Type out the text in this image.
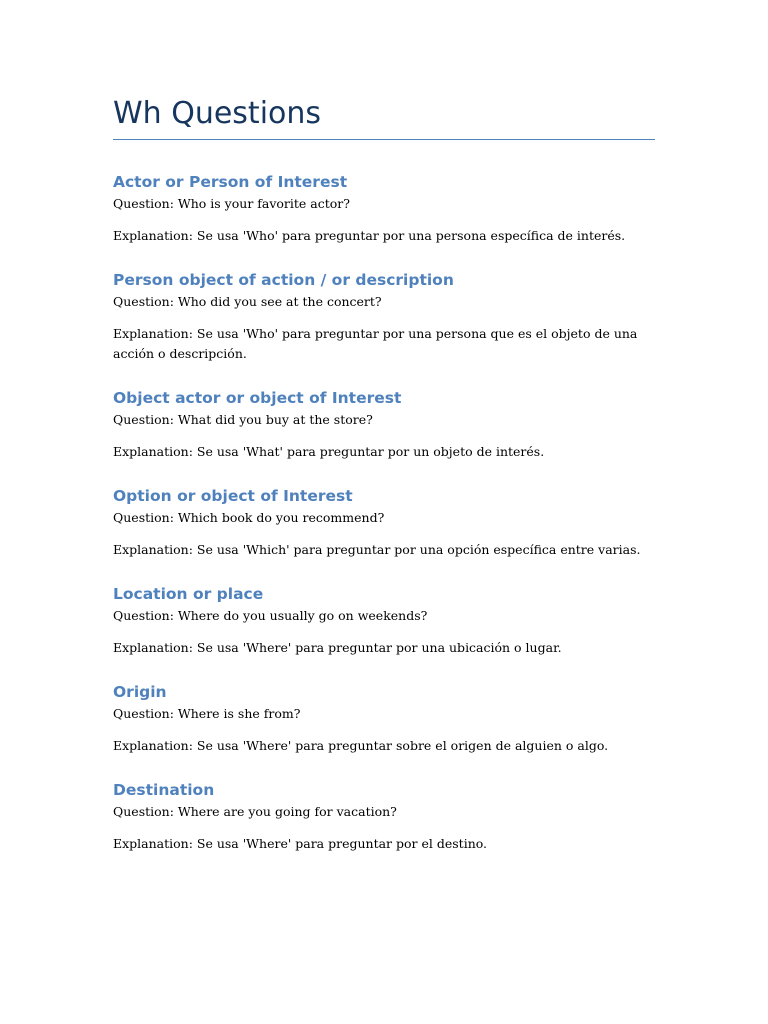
Wh Questions
Actor or Person of Interest

Question: Who is your favorite actor?

Explanation: Se usa 'Who' para preguntar por una persona específica de interés.

Person object of action / or description

Question: Who did you see at the concert?

Explanation: Se usa 'Who' para preguntar por una persona que es el objeto de una acción o descripción.

Object actor or object of Interest

Question: What did you buy at the store?

Explanation: Se usa 'What' para preguntar por un objeto de interés.

Option or object of Interest

Question: Which book do you recommend?

Explanation: Se usa 'Which' para preguntar por una opción específica entre varias.

Location or place

Question: Where do you usually go on weekends?

Explanation: Se usa 'Where' para preguntar por una ubicación o lugar.

Origin

Question: Where is she from?

Explanation: Se usa 'Where' para preguntar sobre el origen de alguien o algo.

Destination

Question: Where are you going for vacation?

Explanation: Se usa 'Where' para preguntar por el destino.
